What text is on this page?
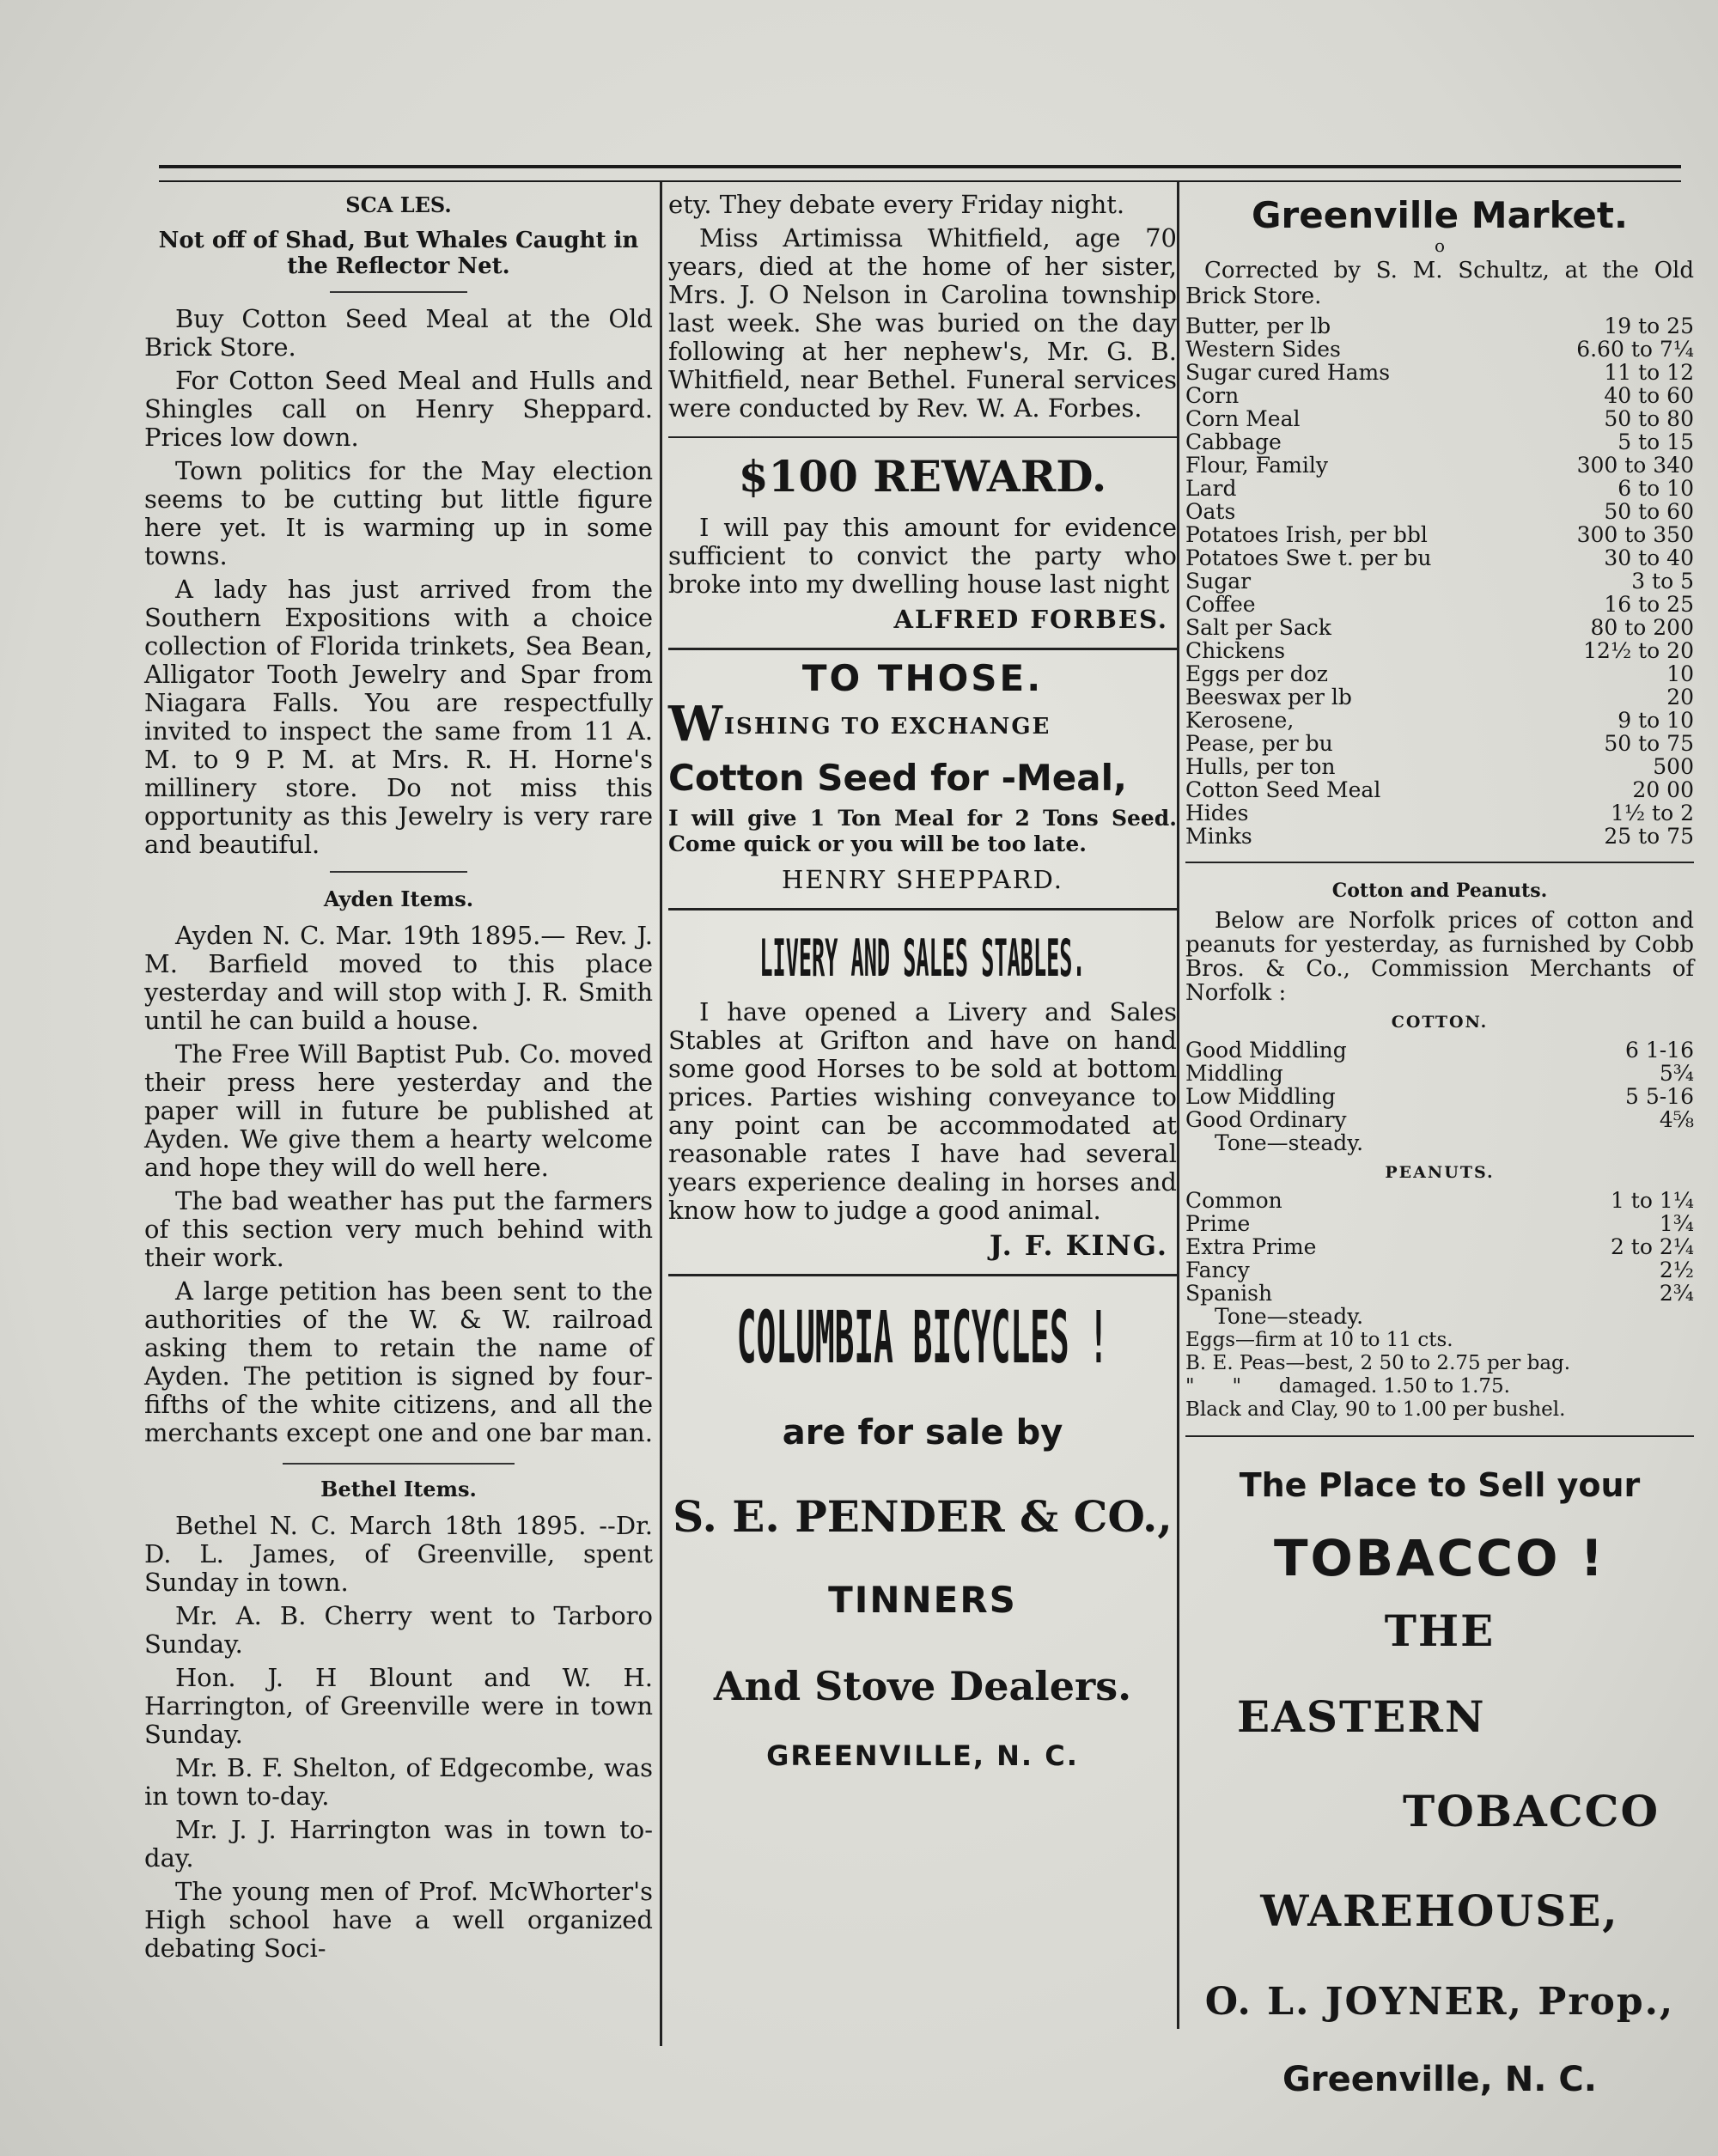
SCA LES.
Not off of Shad, But Whales Caught in the Reflector Net.

Buy Cotton Seed Meal at the Old Brick Store.

For Cotton Seed Meal and Hulls and Shingles call on Henry Sheppard. Prices low down.

Town politics for the May election seems to be cutting but little figure here yet. It is warming up in some towns.

A lady has just arrived from the Southern Expositions with a choice collection of Florida trinkets, Sea Bean, Alligator Tooth Jewelry and Spar from Niagara Falls. You are respectfully invited to inspect the same from 11 A. M. to 9 P. M. at Mrs. R. H. Horne's millinery store. Do not miss this opportunity as this Jewelry is very rare and beautiful.

Ayden Items.

Ayden N. C. Mar. 19th 1895.— Rev. J. M. Barfield moved to this place yesterday and will stop with J. R. Smith until he can build a house.

The Free Will Baptist Pub. Co. moved their press here yesterday and the paper will in future be published at Ayden. We give them a hearty welcome and hope they will do well here.

The bad weather has put the farmers of this section very much behind with their work.

A large petition has been sent to the authorities of the W. & W. railroad asking them to retain the name of Ayden. The petition is signed by four-fifths of the white citizens, and all the merchants except one and one bar man.

Bethel Items.

Bethel N. C. March 18th 1895. --Dr. D. L. James, of Greenville, spent Sunday in town.

Mr. A. B. Cherry went to Tarboro Sunday.

Hon. J. H Blount and W. H. Harrington, of Greenville were in town Sunday.

Mr. B. F. Shelton, of Edgecombe, was in town to-day.

Mr. J. J. Harrington was in town to-day.

The young men of Prof. McWhorter's High school have a well organized debating Soci-

ety. They debate every Friday night.

Miss Artimissa Whitfield, age 70 years, died at the home of her sister, Mrs. J. O Nelson in Carolina township last week. She was buried on the day following at her nephew's, Mr. G. B. Whitfield, near Bethel. Funeral services were conducted by Rev. W. A. Forbes.

$100 REWARD.

I will pay this amount for evidence sufficient to convict the party who broke into my dwelling house last night

ALFRED FORBES.
TO THOSE.
WISHING TO EXCHANGE
Cotton Seed for -Meal,

I will give 1 Ton Meal for 2 Tons Seed. Come quick or you will be too late.

HENRY SHEPPARD.
LIVERY AND SALES STABLES.

I have opened a Livery and Sales Stables at Grifton and have on hand some good Horses to be sold at bottom prices. Parties wishing conveyance to any point can be accommodated at reasonable rates I have had several years experience dealing in horses and know how to judge a good animal.

J. F. KING.
COLUMBIA BICYCLES !
are for sale by
S. E. PENDER & CO.,
TINNERS
And Stove Dealers.
GREENVILLE, N. C.
Greenville Market.
o
Corrected by S. M. Schultz, at the Old Brick Store.
Butter, per lb	19 to 25
Western Sides	6.60 to 7¼
Sugar cured Hams	11 to 12
Corn	40 to 60
Corn Meal	50 to 80
Cabbage	5 to 15
Flour, Family	300 to 340
Lard	6 to 10
Oats	50 to 60
Potatoes Irish, per bbl	300 to 350
Potatoes Swe t. per bu	30 to 40
Sugar	3 to 5
Coffee	16 to 25
Salt per Sack	80 to 200
Chickens	12½ to 20
Eggs per doz	10
Beeswax per lb	20
Kerosene,	9 to 10
Pease, per bu	50 to 75
Hulls, per ton	500
Cotton Seed Meal	20 00
Hides	1½ to 2
Minks	25 to 75
Cotton and Peanuts.
Below are Norfolk prices of cotton and peanuts for yesterday, as furnished by Cobb Bros. & Co., Commission Merchants of Norfolk :
COTTON.
Good Middling	6 1-16
Middling	5¾
Low Middling	5 5-16
Good Ordinary	4⅝
Tone—steady.
PEANUTS.
Common	1 to 1¼
Prime	1¾
Extra Prime	2 to 2¼
Fancy	2½
Spanish	2¾
Tone—steady.
Eggs—firm at 10 to 11 cts.
B. E. Peas—best, 2 50 to 2.75 per bag.
"      "      damaged. 1.50 to 1.75.
Black and Clay, 90 to 1.00 per bushel.
The Place to Sell your
TOBACCO !
THE
EASTERN
TOBACCO
WAREHOUSE,
O. L. JOYNER, Prop.,
Greenville, N. C.
